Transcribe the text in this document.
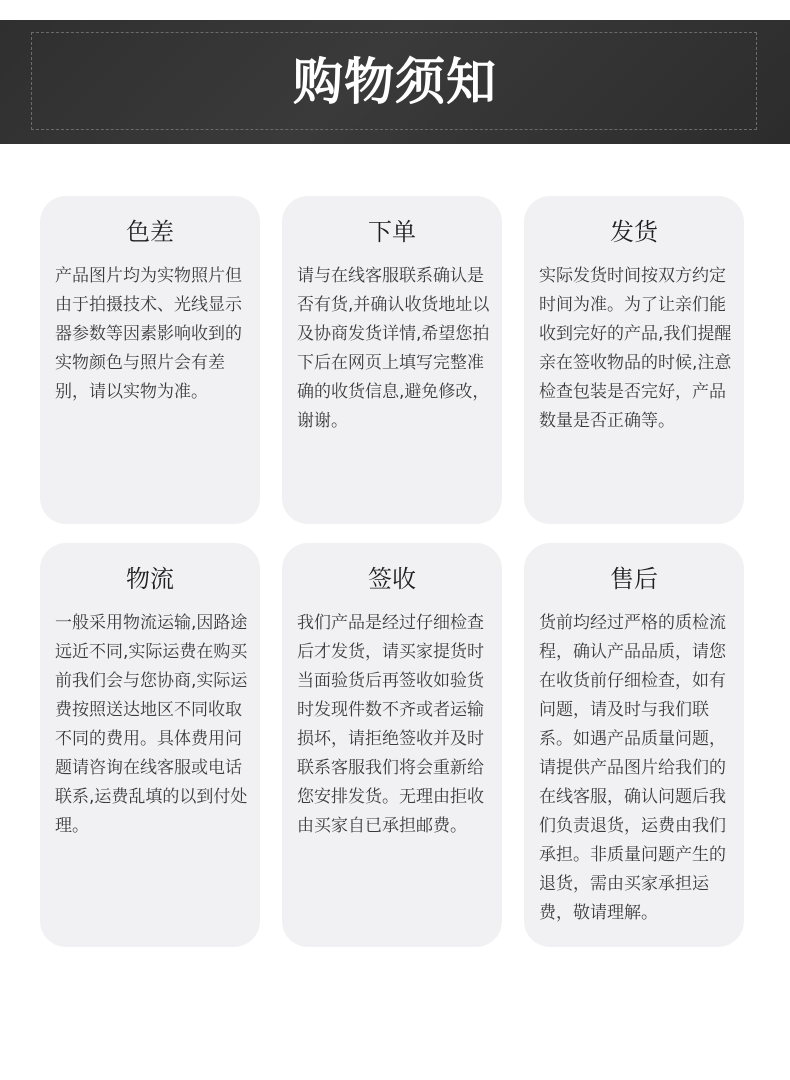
购物须知
色差
产品图片均为实物照片但由于拍摄技术、光线显示器参数等因素影响收到的实物颜色与照片会有差别，请以实物为准。
下单
请与在线客服联系确认是否有货,并确认收货地址以及协商发货详情,希望您拍下后在网页上填写完整准确的收货信息,避免修改，谢谢。
发货
实际发货时间按双方约定时间为准。为了让亲们能收到完好的产品,我们提醒亲在签收物品的时候,注意检查包装是否完好，产品数量是否正确等。
物流
一般采用物流运输,因路途远近不同,实际运费在购买前我们会与您协商,实际运费按照送达地区不同收取不同的费用。具体费用问题请咨询在线客服或电话联系,运费乱填的以到付处理。
签收
我们产品是经过仔细检查后才发货，请买家提货时当面验货后再签收如验货时发现件数不齐或者运输损坏，请拒绝签收并及时联系客服我们将会重新给您安排发货。无理由拒收由买家自已承担邮费。
售后
货前均经过严格的质检流程，确认产品品质，请您在收货前仔细检查，如有问题，请及时与我们联系。如遇产品质量问题，请提供产品图片给我们的在线客服，确认问题后我们负责退货，运费由我们承担。非质量问题产生的退货，需由买家承担运费，敬请理解。
